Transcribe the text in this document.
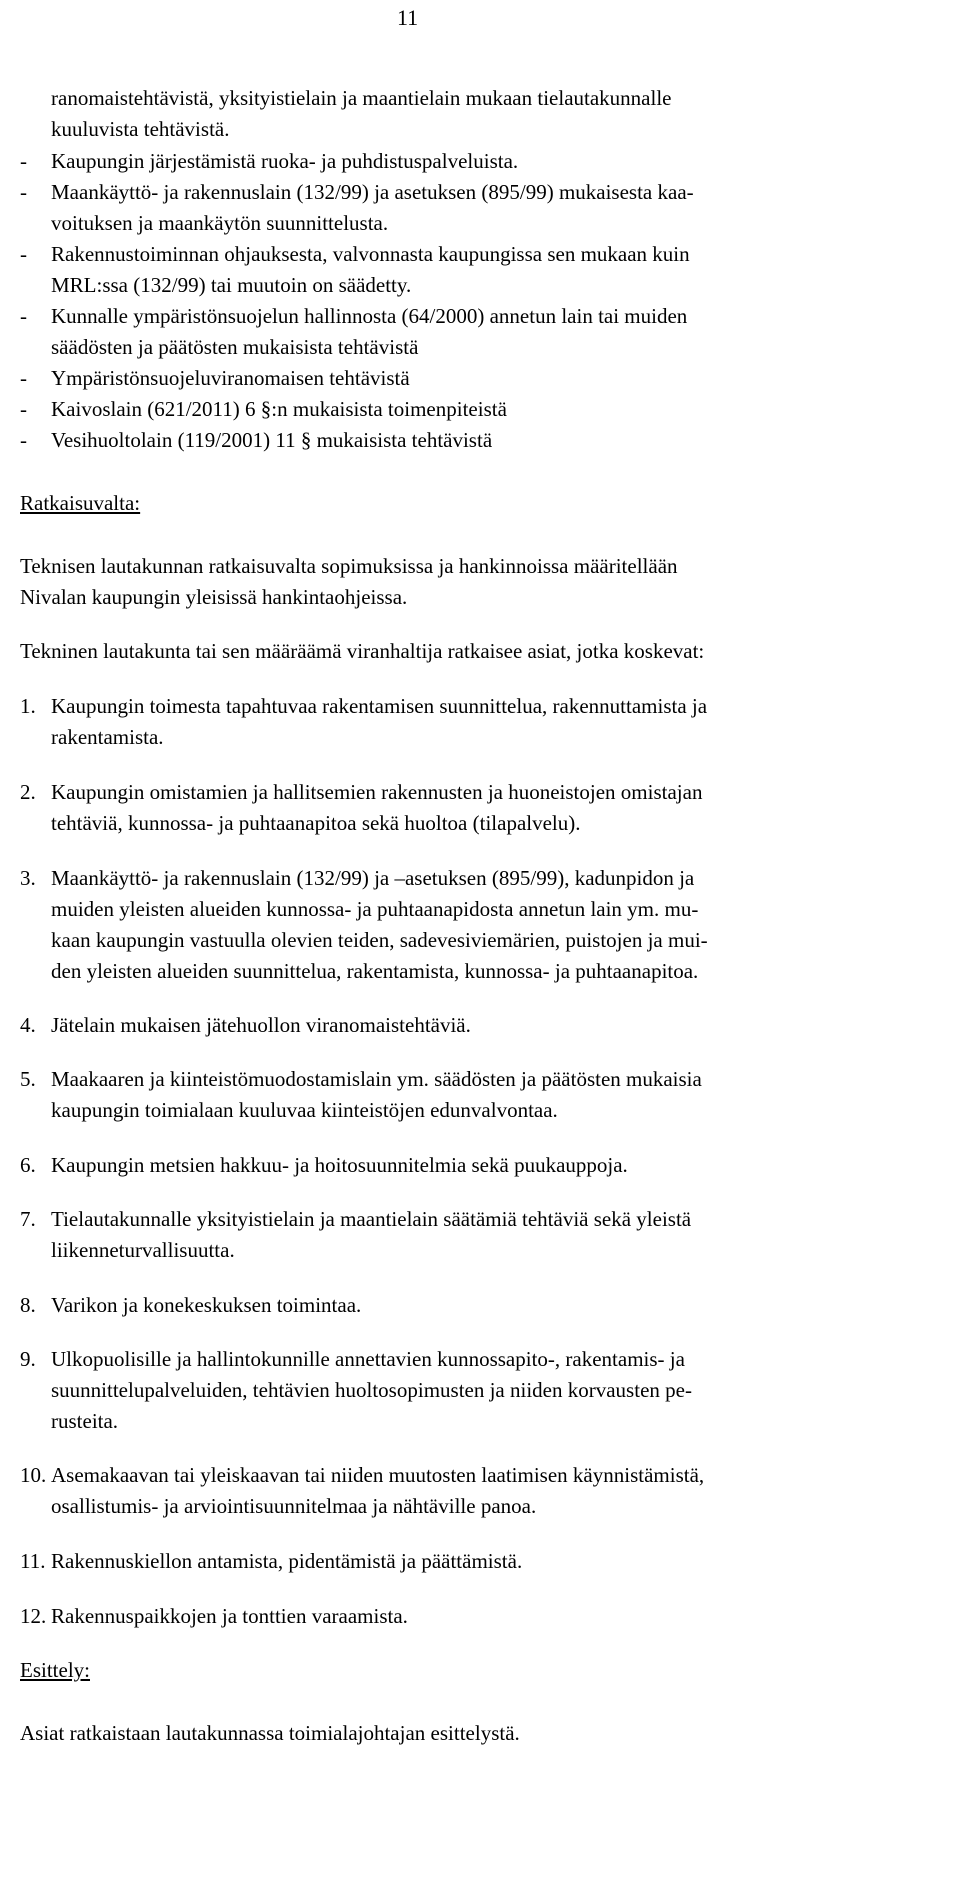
11
ranomaistehtävistä, yksityistielain ja maantielain mukaan tielautakunnalle
kuuluvista tehtävistä.
- Kaupungin järjestämistä ruoka- ja puhdistuspalveluista.
- Maankäyttö- ja rakennuslain (132/99) ja asetuksen (895/99) mukaisesta kaa-
voituksen ja maankäytön suunnittelusta.
- Rakennustoiminnan ohjauksesta, valvonnasta kaupungissa sen mukaan kuin
MRL:ssa (132/99) tai muutoin on säädetty.
- Kunnalle ympäristönsuojelun hallinnosta (64/2000) annetun lain tai muiden
säädösten ja päätösten mukaisista tehtävistä
- Ympäristönsuojeluviranomaisen tehtävistä
- Kaivoslain (621/2011) 6 §:n mukaisista toimenpiteistä
- Vesihuoltolain (119/2001) 11 § mukaisista tehtävistä
Ratkaisuvalta:
Teknisen lautakunnan ratkaisuvalta sopimuksissa ja hankinnoissa määritellään
Nivalan kaupungin yleisissä hankintaohjeissa.
Tekninen lautakunta tai sen määräämä viranhaltija ratkaisee asiat, jotka koskevat:
1. Kaupungin toimesta tapahtuvaa rakentamisen suunnittelua, rakennuttamista ja
rakentamista.
2. Kaupungin omistamien ja hallitsemien rakennusten ja huoneistojen omistajan
tehtäviä, kunnossa- ja puhtaanapitoa sekä huoltoa (tilapalvelu).
3. Maankäyttö- ja rakennuslain (132/99) ja –asetuksen (895/99), kadunpidon ja
muiden yleisten alueiden kunnossa- ja puhtaanapidosta annetun lain ym. mu-
kaan kaupungin vastuulla olevien teiden, sadevesiviemärien, puistojen ja mui-
den yleisten alueiden suunnittelua, rakentamista, kunnossa- ja puhtaanapitoa.
4. Jätelain mukaisen jätehuollon viranomaistehtäviä.
5. Maakaaren ja kiinteistömuodostamislain ym. säädösten ja päätösten mukaisia
kaupungin toimialaan kuuluvaa kiinteistöjen edunvalvontaa.
6. Kaupungin metsien hakkuu- ja hoitosuunnitelmia sekä puukauppoja.
7. Tielautakunnalle yksityistielain ja maantielain säätämiä tehtäviä sekä yleistä
liikenneturvallisuutta.
8. Varikon ja konekeskuksen toimintaa.
9. Ulkopuolisille ja hallintokunnille annettavien kunnossapito-, rakentamis- ja
suunnittelupalveluiden, tehtävien huoltosopimusten ja niiden korvausten pe-
rusteita.
10. Asemakaavan tai yleiskaavan tai niiden muutosten laatimisen käynnistämistä,
osallistumis- ja arviointisuunnitelmaa ja nähtäville panoa.
11. Rakennuskiellon antamista, pidentämistä ja päättämistä.
12. Rakennuspaikkojen ja tonttien varaamista.
Esittely:
Asiat ratkaistaan lautakunnassa toimialajohtajan esittelystä.
